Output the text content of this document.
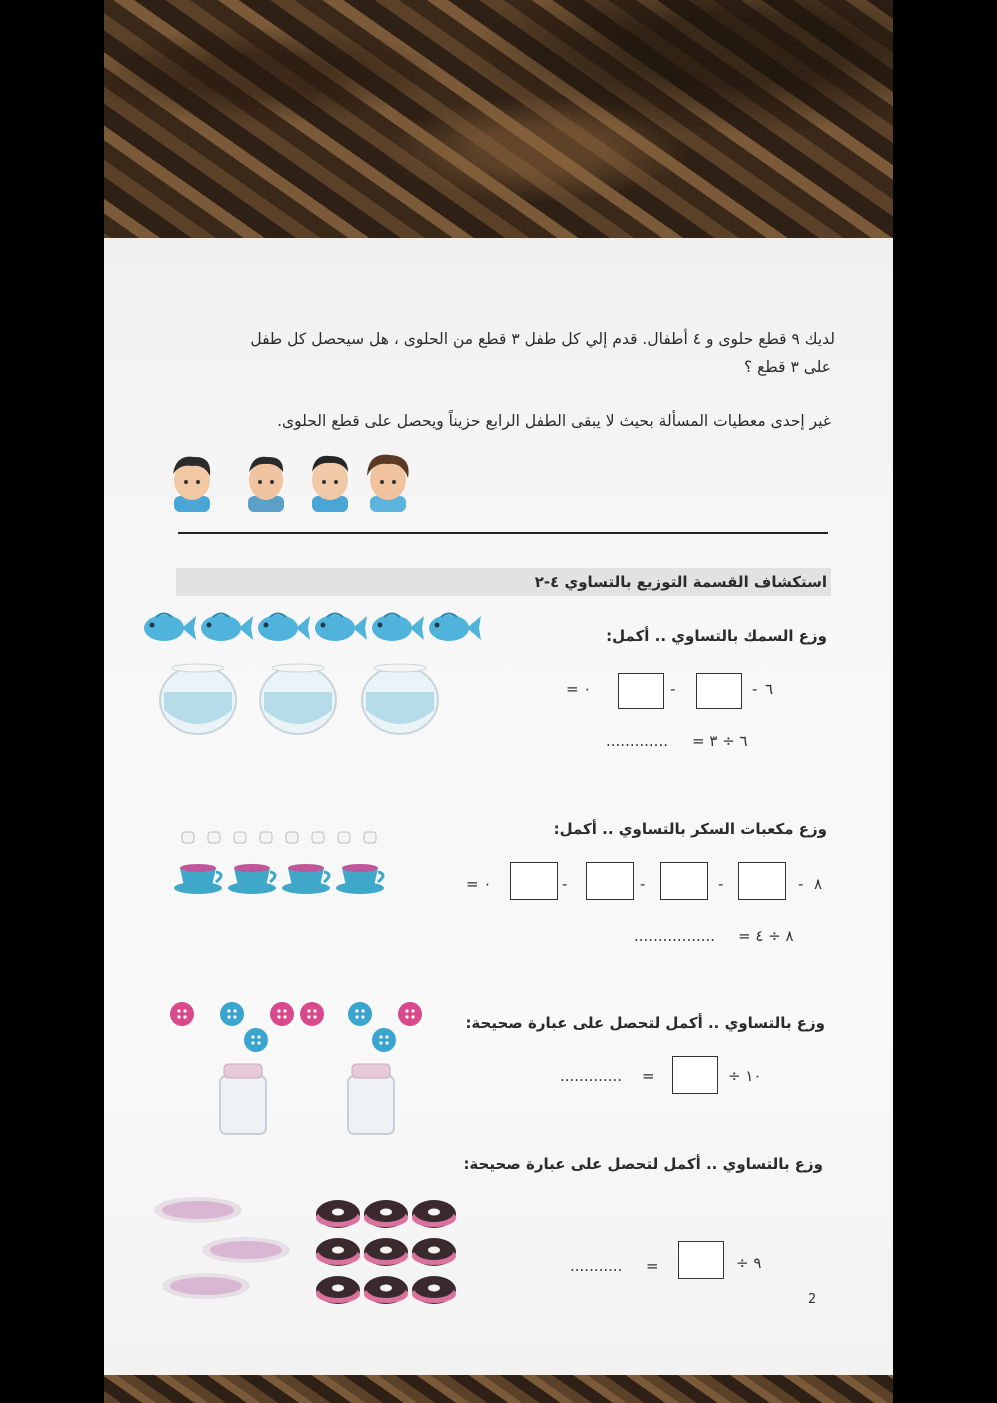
لديك ٩ قطع حلوى و ٤ أطفال. قدم إلي كل طفل ٣ قطع من الحلوى ، هل سيحصل كل طفل
على ٣ قطع ؟
غير إحدى معطيات المسألة بحيث لا يبقى الطفل الرابع حزيناً ويحصل على قطع الحلوى.
استكشاف القسمة التوزيع بالتساوي ٤-٢
وزع السمك بالتساوي .. أكمل:
٦
-
-
٠ =
٦ ÷ ٣ =
.............
وزع مكعبات السكر بالتساوي .. أكمل:
٨
-
-
-
-
٠ =
٨ ÷ ٤ =
.................
وزع بالتساوي .. أكمل لتحصل على عبارة صحيحة:
١٠ ÷
=
.............
وزع بالتساوي .. أكمل لتحصل على عبارة صحيحة:
٩ ÷
=
...........
2
